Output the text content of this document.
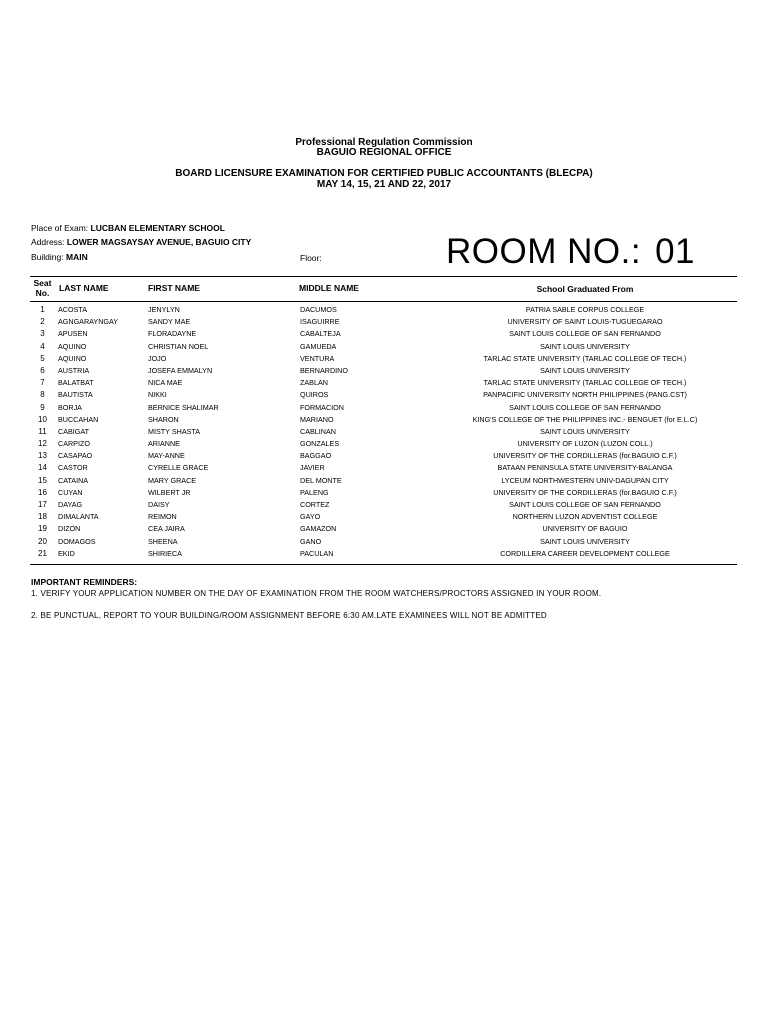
Professional Regulation Commission
BAGUIO REGIONAL OFFICE
BOARD LICENSURE EXAMINATION FOR CERTIFIED PUBLIC ACCOUNTANTS (BLECPA)
MAY 14, 15, 21 AND 22, 2017
Place of Exam: LUCBAN ELEMENTARY SCHOOL
Address: LOWER MAGSAYSAY AVENUE, BAGUIO CITY
Building: MAIN	Floor:	ROOM NO.: 01
Seat
No.	LAST NAME	FIRST NAME	MIDDLE NAME	School Graduated From
1	ACOSTA	JENYLYN	DACUMOS	PATRIA SABLE CORPUS COLLEGE
2	AGNGARAYNGAY	SANDY MAE	ISAGUIRRE	UNIVERSITY OF SAINT LOUIS-TUGUEGARAO
3	APUSEN	FLORADAYNE	CABALTEJA	SAINT LOUIS COLLEGE OF SAN FERNANDO
4	AQUINO	CHRISTIAN NOEL	GAMUEDA	SAINT LOUIS UNIVERSITY
5	AQUINO	JOJO	VENTURA	TARLAC STATE UNIVERSITY (TARLAC COLLEGE OF TECH.)
6	AUSTRIA	JOSEFA EMMALYN	BERNARDINO	SAINT LOUIS UNIVERSITY
7	BALATBAT	NICA MAE	ZABLAN	TARLAC STATE UNIVERSITY (TARLAC COLLEGE OF TECH.)
8	BAUTISTA	NIKKI	QUIROS	PANPACIFIC UNIVERSITY NORTH PHILIPPINES (PANG.CST)
9	BORJA	BERNICE SHALIMAR	FORMACION	SAINT LOUIS COLLEGE OF SAN FERNANDO
10	BUCCAHAN	SHARON	MARIANO	KING'S COLLEGE OF THE PHILIPPINES INC.- BENGUET (for E.L.C)
11	CABIGAT	MISTY SHASTA	CABLINAN	SAINT LOUIS UNIVERSITY
12	CARPIZO	ARIANNE	GONZALES	UNIVERSITY OF LUZON (LUZON COLL.)
13	CASAPAO	MAY-ANNE	BAGGAO	UNIVERSITY OF THE CORDILLERAS (for.BAGUIO C.F.)
14	CASTOR	CYRELLE GRACE	JAVIER	BATAAN PENINSULA STATE UNIVERSITY-BALANGA
15	CATAINA	MARY GRACE	DEL MONTE	LYCEUM NORTHWESTERN UNIV-DAGUPAN CITY
16	CUYAN	WILBERT JR	PALENG	UNIVERSITY OF THE CORDILLERAS (for.BAGUIO C.F.)
17	DAYAG	DAISY	CORTEZ	SAINT LOUIS COLLEGE OF SAN FERNANDO
18	DIMALANTA	REIMON	GAYO	NORTHERN LUZON ADVENTIST COLLEGE
19	DIZON	CEA JAIRA	GAMAZON	UNIVERSITY OF BAGUIO
20	DOMAGOS	SHEENA	GANO	SAINT LOUIS UNIVERSITY
21	EKID	SHIRIECA	PACULAN	CORDILLERA CAREER DEVELOPMENT COLLEGE
IMPORTANT REMINDERS:
1. VERIFY YOUR APPLICATION NUMBER ON THE DAY OF EXAMINATION FROM THE ROOM WATCHERS/PROCTORS ASSIGNED IN YOUR ROOM.
2. BE PUNCTUAL, REPORT TO YOUR BUILDING/ROOM ASSIGNMENT BEFORE 6:30 AM.LATE EXAMINEES WILL NOT BE ADMITTED
